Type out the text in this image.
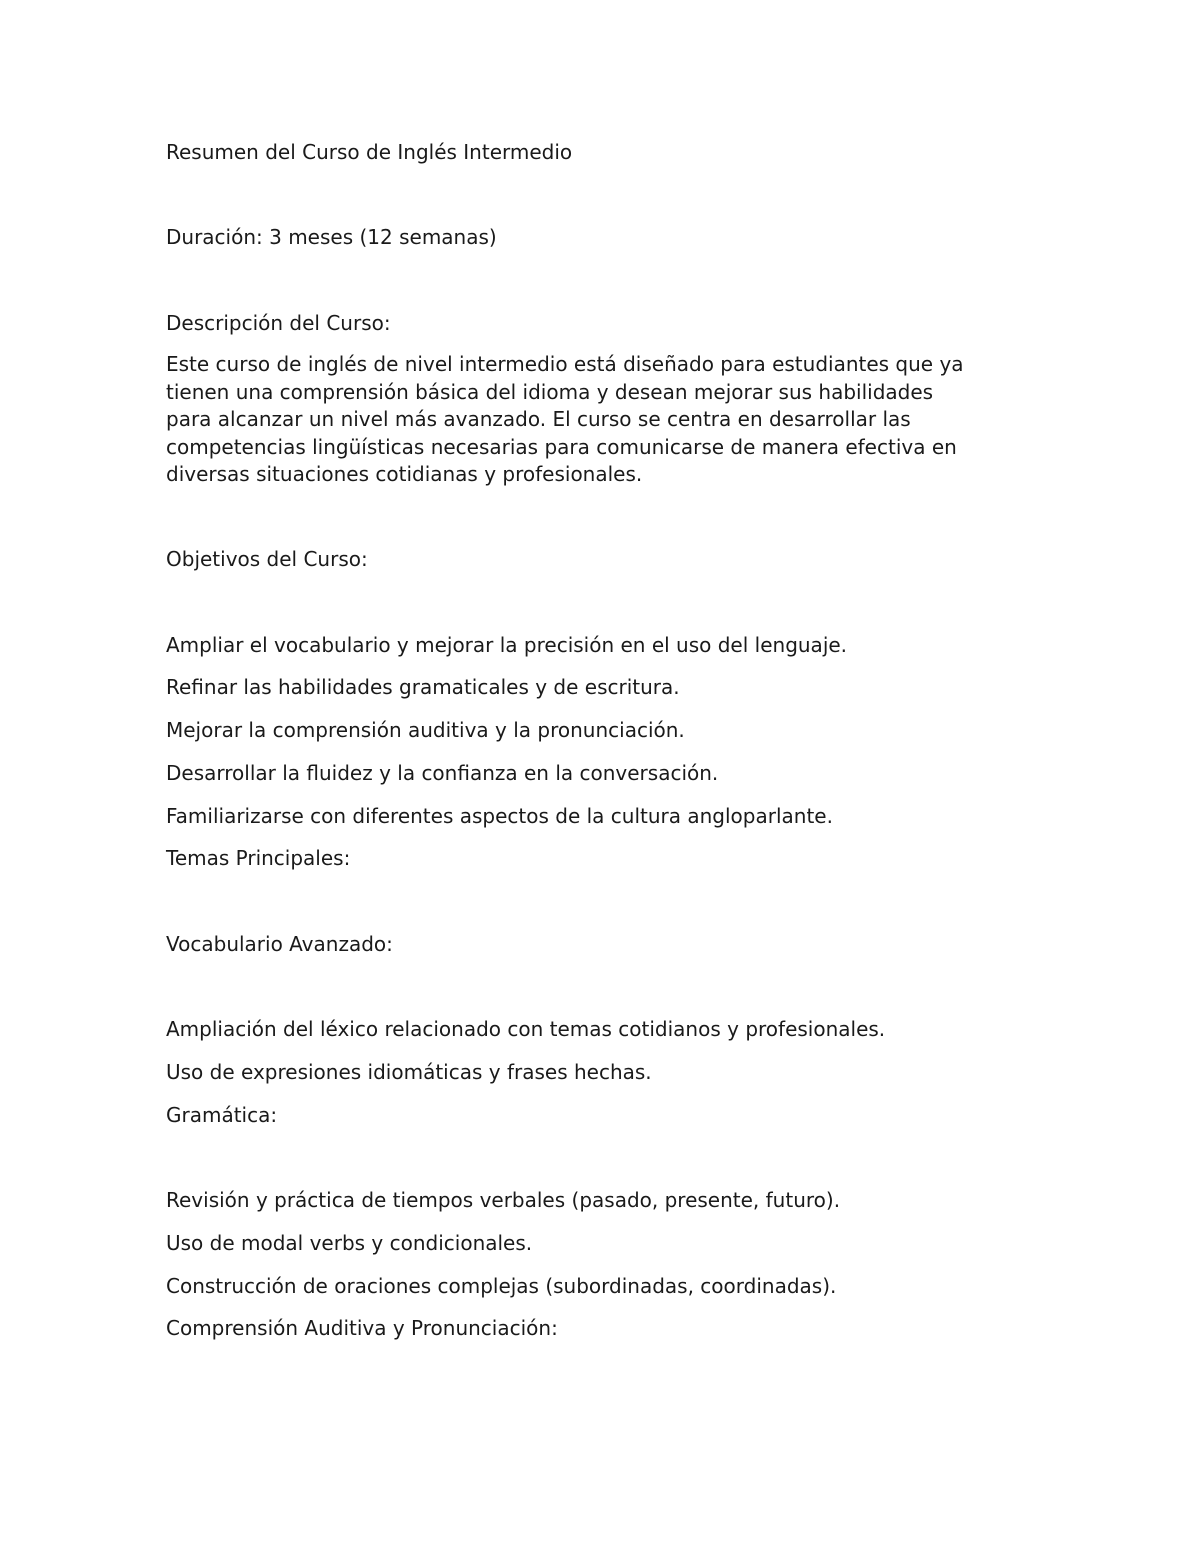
Resumen del Curso de Inglés Intermedio

Duración: 3 meses (12 semanas)

Descripción del Curso:

Este curso de inglés de nivel intermedio está diseñado para estudiantes que ya
tienen una comprensión básica del idioma y desean mejorar sus habilidades
para alcanzar un nivel más avanzado. El curso se centra en desarrollar las
competencias lingüísticas necesarias para comunicarse de manera efectiva en
diversas situaciones cotidianas y profesionales.

Objetivos del Curso:

Ampliar el vocabulario y mejorar la precisión en el uso del lenguaje.

Refinar las habilidades gramaticales y de escritura.

Mejorar la comprensión auditiva y la pronunciación.

Desarrollar la fluidez y la confianza en la conversación.

Familiarizarse con diferentes aspectos de la cultura angloparlante.

Temas Principales:

Vocabulario Avanzado:

Ampliación del léxico relacionado con temas cotidianos y profesionales.

Uso de expresiones idiomáticas y frases hechas.

Gramática:

Revisión y práctica de tiempos verbales (pasado, presente, futuro).

Uso de modal verbs y condicionales.

Construcción de oraciones complejas (subordinadas, coordinadas).

Comprensión Auditiva y Pronunciación:
